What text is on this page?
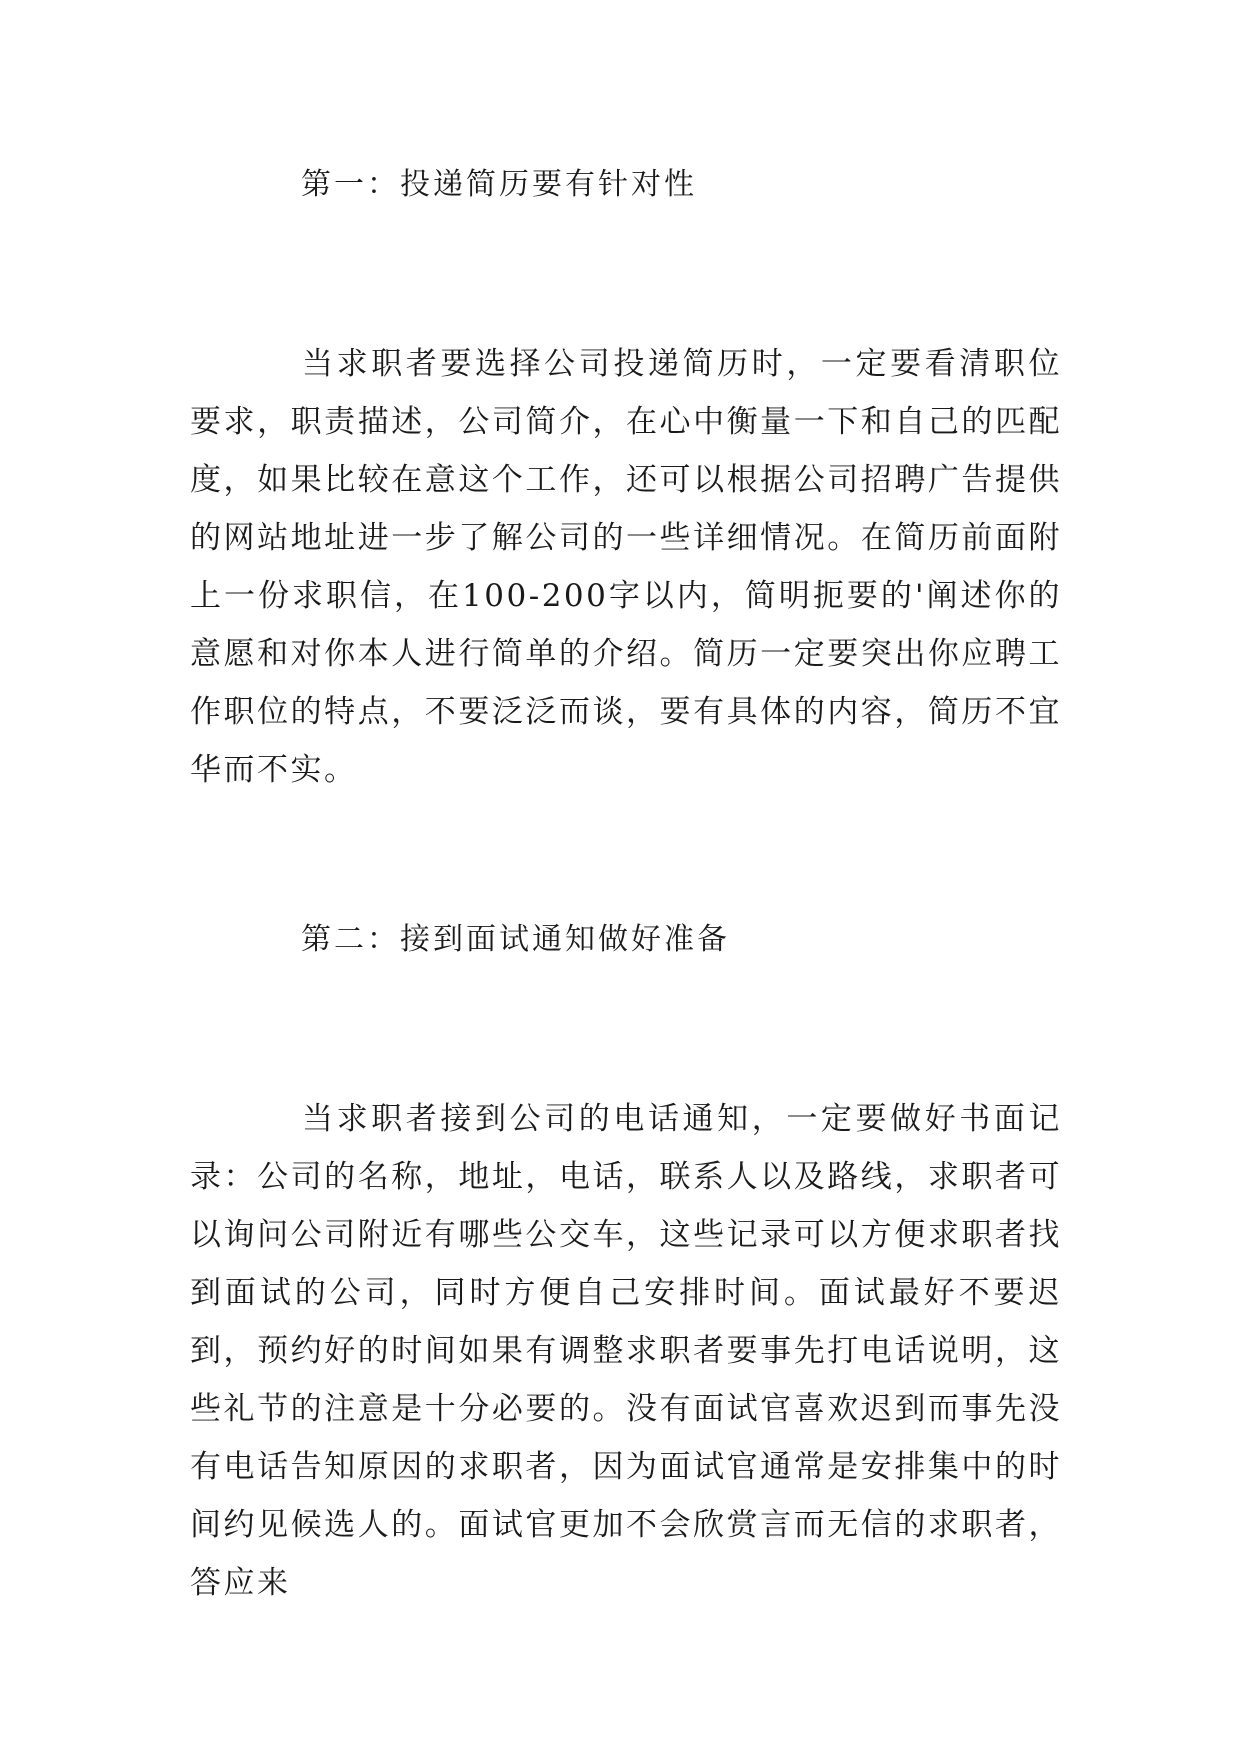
第一：投递简历要有针对性

当求职者要选择公司投递简历时，一定要看清职位要求，职责描述，公司简介，在心中衡量一下和自己的匹配度，如果比较在意这个工作，还可以根据公司招聘广告提供的网站地址进一步了解公司的一些详细情况。在简历前面附上一份求职信，在100-200字以内，简明扼要的'阐述你的意愿和对你本人进行简单的介绍。简历一定要突出你应聘工作职位的特点，不要泛泛而谈，要有具体的内容，简历不宜华而不实。

第二：接到面试通知做好准备

当求职者接到公司的电话通知，一定要做好书面记录：公司的名称，地址，电话，联系人以及路线，求职者可以询问公司附近有哪些公交车，这些记录可以方便求职者找到面试的公司，同时方便自己安排时间。面试最好不要迟到，预约好的时间如果有调整求职者要事先打电话说明，这些礼节的注意是十分必要的。没有面试官喜欢迟到而事先没有电话告知原因的求职者，因为面试官通常是安排集中的时间约见候选人的。面试官更加不会欣赏言而无信的求职者，答应来
